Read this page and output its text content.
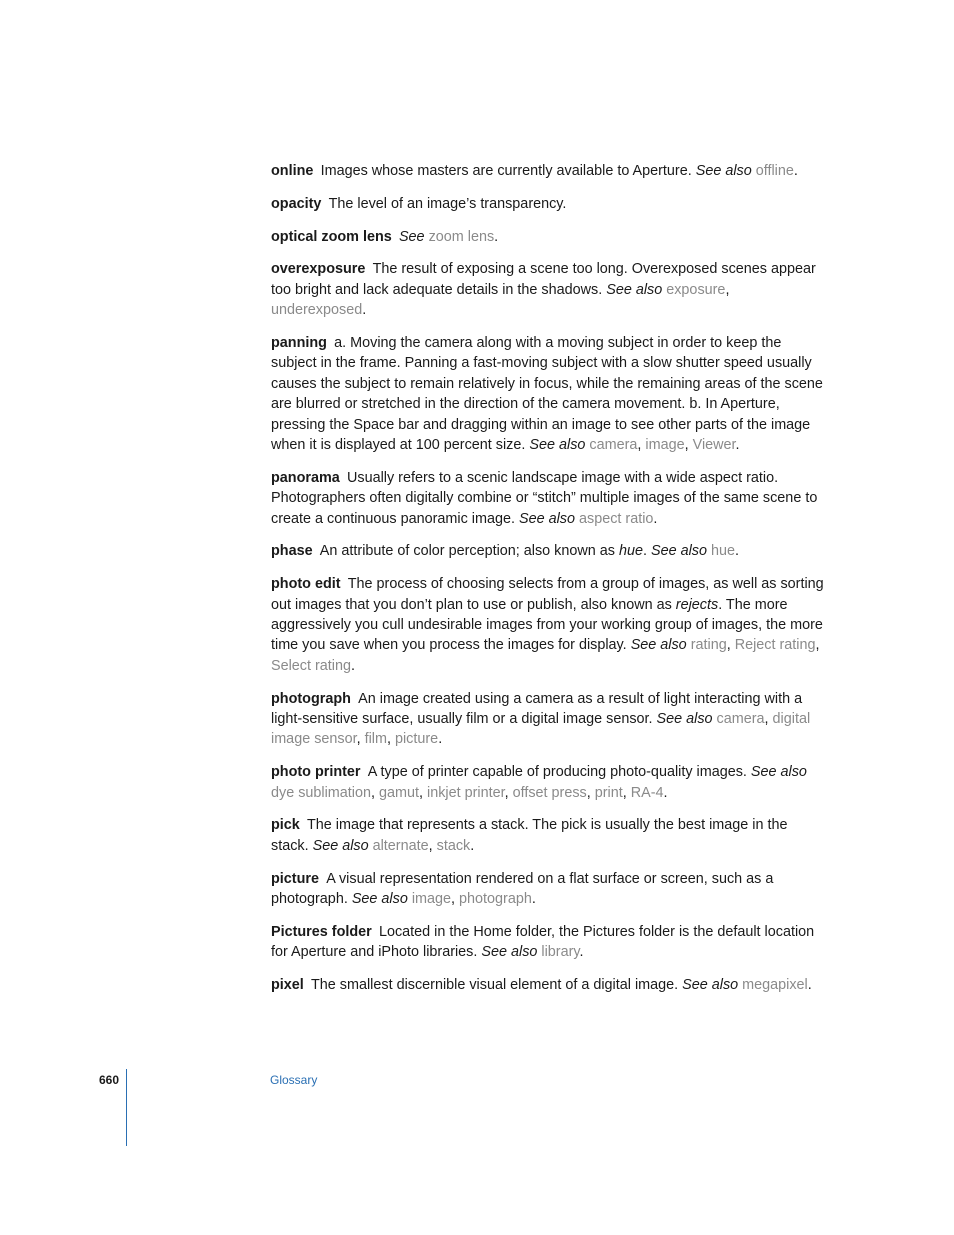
online  Images whose masters are currently available to Aperture. See also offline.

opacity  The level of an image’s transparency.

optical zoom lens  See zoom lens.

overexposure  The result of exposing a scene too long. Overexposed scenes appear too bright and lack adequate details in the shadows. See also exposure, underexposed.

panning  a. Moving the camera along with a moving subject in order to keep the subject in the frame. Panning a fast-moving subject with a slow shutter speed usually causes the subject to remain relatively in focus, while the remaining areas of the scene are blurred or stretched in the direction of the camera movement. b. In Aperture, pressing the Space bar and dragging within an image to see other parts of the image when it is displayed at 100 percent size. See also camera, image, Viewer.

panorama  Usually refers to a scenic landscape image with a wide aspect ratio. Photographers often digitally combine or “stitch” multiple images of the same scene to create a continuous panoramic image. See also aspect ratio.

phase  An attribute of color perception; also known as hue. See also hue.

photo edit  The process of choosing selects from a group of images, as well as sorting out images that you don’t plan to use or publish, also known as rejects. The more aggressively you cull undesirable images from your working group of images, the more time you save when you process the images for display. See also rating, Reject rating, Select rating.

photograph  An image created using a camera as a result of light interacting with a light-sensitive surface, usually film or a digital image sensor. See also camera, digital image sensor, film, picture.

photo printer  A type of printer capable of producing photo-quality images. See also dye sublimation, gamut, inkjet printer, offset press, print, RA-4.

pick  The image that represents a stack. The pick is usually the best image in the stack. See also alternate, stack.

picture  A visual representation rendered on a flat surface or screen, such as a photograph. See also image, photograph.

Pictures folder  Located in the Home folder, the Pictures folder is the default location for Aperture and iPhoto libraries. See also library.

pixel  The smallest discernible visual element of a digital image. See also megapixel.

660	Glossary
